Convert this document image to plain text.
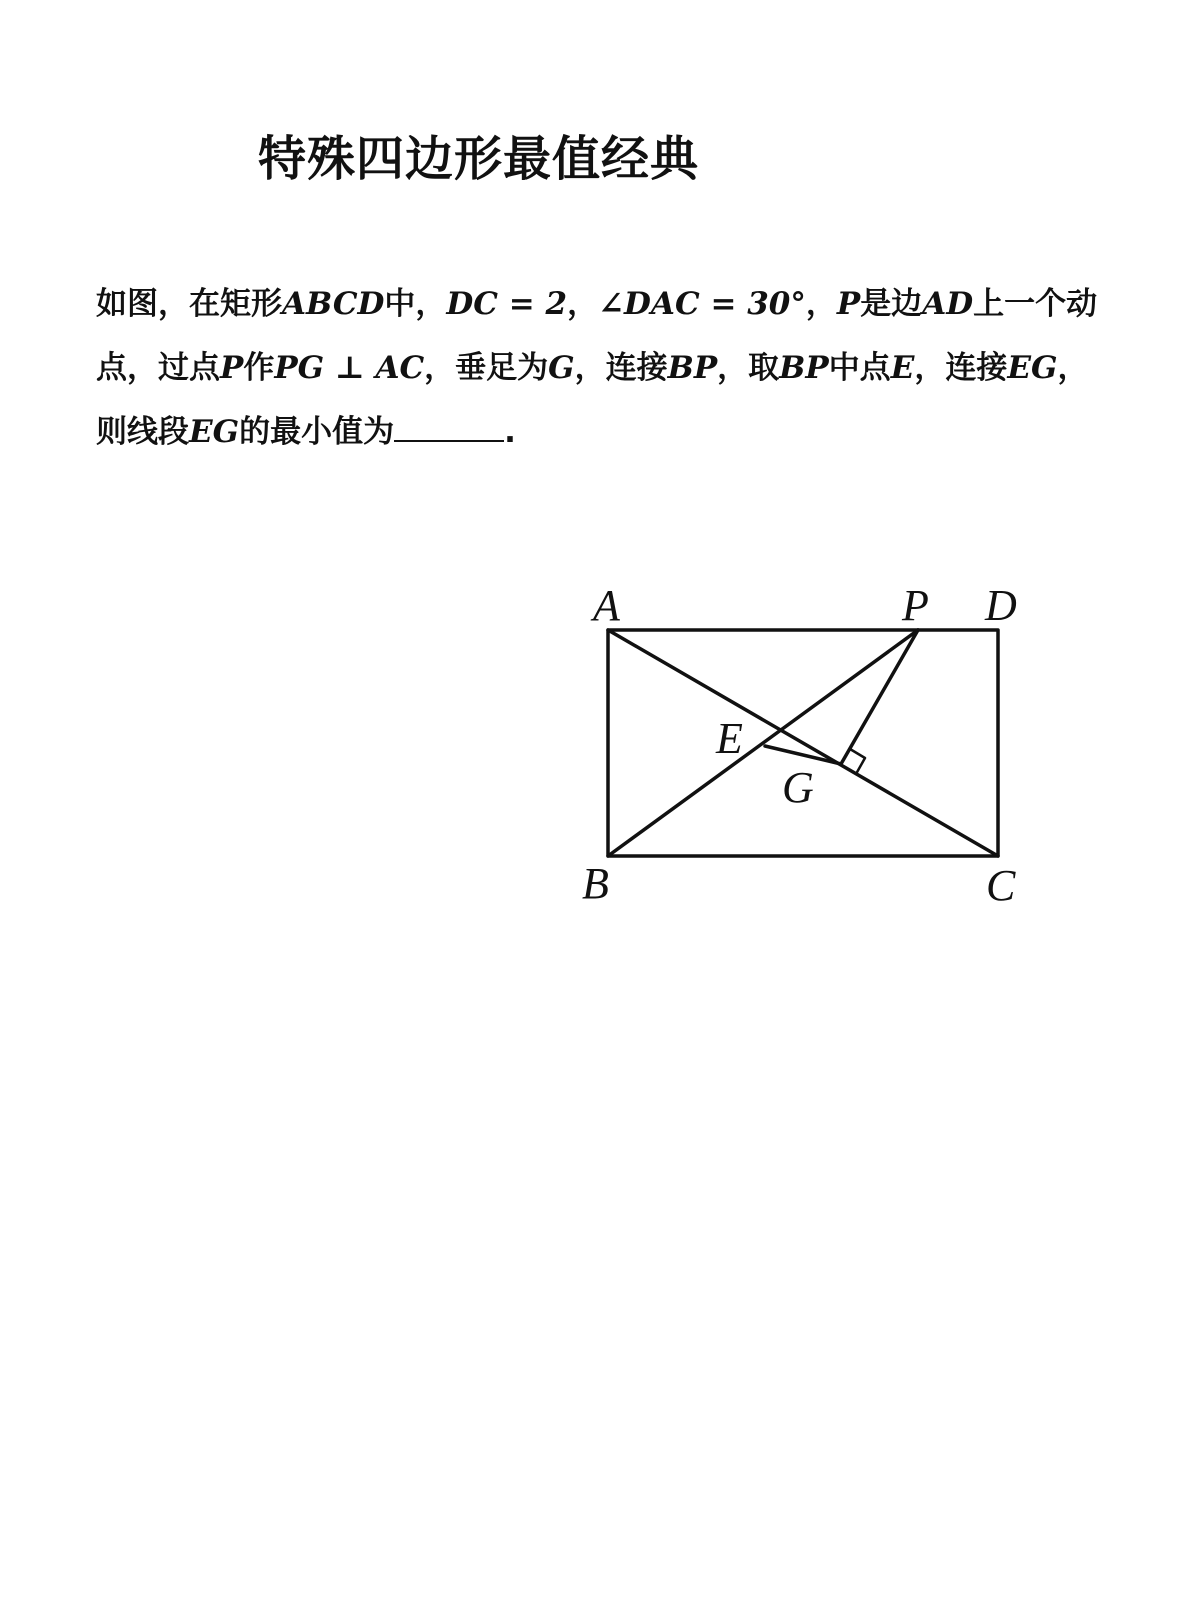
特殊四边形最值经典
如图，在矩形ABCD中，DC = 2，∠DAC = 30°，P是边AD上一个动
点，过点P作PG ⊥ AC，垂足为G，连接BP，取BP中点E，连接EG，
则线段EG的最小值为	.
A	P D
E
G
B	C
